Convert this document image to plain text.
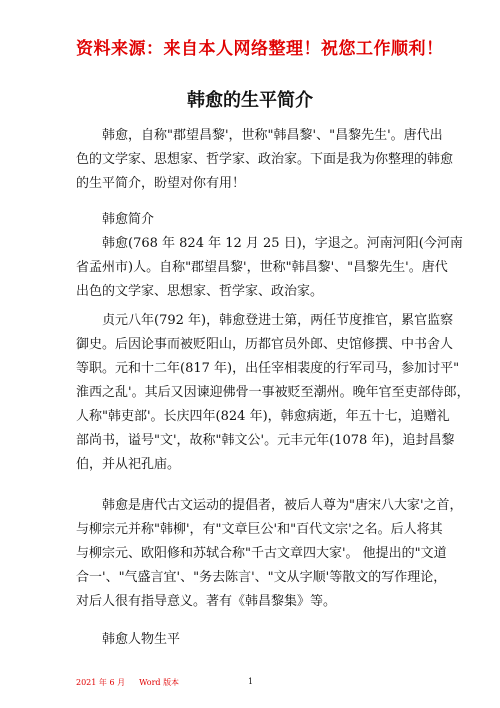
资料来源：来自本人网络整理！祝您工作顺利！
韩愈的生平简介

韩愈，自称"郡望昌黎'，世称"韩昌黎'、"昌黎先生'。唐代出
色的文学家、思想家、哲学家、政治家。下面是我为你整理的韩愈
的生平简介，盼望对你有用！

韩愈简介

韩愈(768 年 824 年 12 月 25 日)，字退之。河南河阳(今河南
省孟州市)人。自称"郡望昌黎'，世称"韩昌黎'、"昌黎先生'。唐代
出色的文学家、思想家、哲学家、政治家。

贞元八年(792 年)，韩愈登进士第，两任节度推官，累官监察
御史。后因论事而被贬阳山，历都官员外郎、史馆修撰、中书舍人
等职。元和十二年(817 年)，出任宰相裴度的行军司马，参加讨平"
淮西之乱'。其后又因谏迎佛骨一事被贬至潮州。晚年官至吏部侍郎，
人称"韩吏部'。长庆四年(824 年)，韩愈病逝，年五十七，追赠礼
部尚书，谥号"文'，故称"韩文公'。元丰元年(1078 年)，追封昌黎
伯，并从祀孔庙。

韩愈是唐代古文运动的提倡者，被后人尊为"唐宋八大家'之首，
与柳宗元并称"韩柳'，有"文章巨公'和"百代文宗'之名。后人将其
与柳宗元、欧阳修和苏轼合称"千古文章四大家'。 他提出的"文道
合一'、"气盛言宜'、"务去陈言'、"文从字顺'等散文的写作理论，
对后人很有指导意义。著有《韩昌黎集》等。

韩愈人物生平
2021 年 6 月 Word 版本	1
